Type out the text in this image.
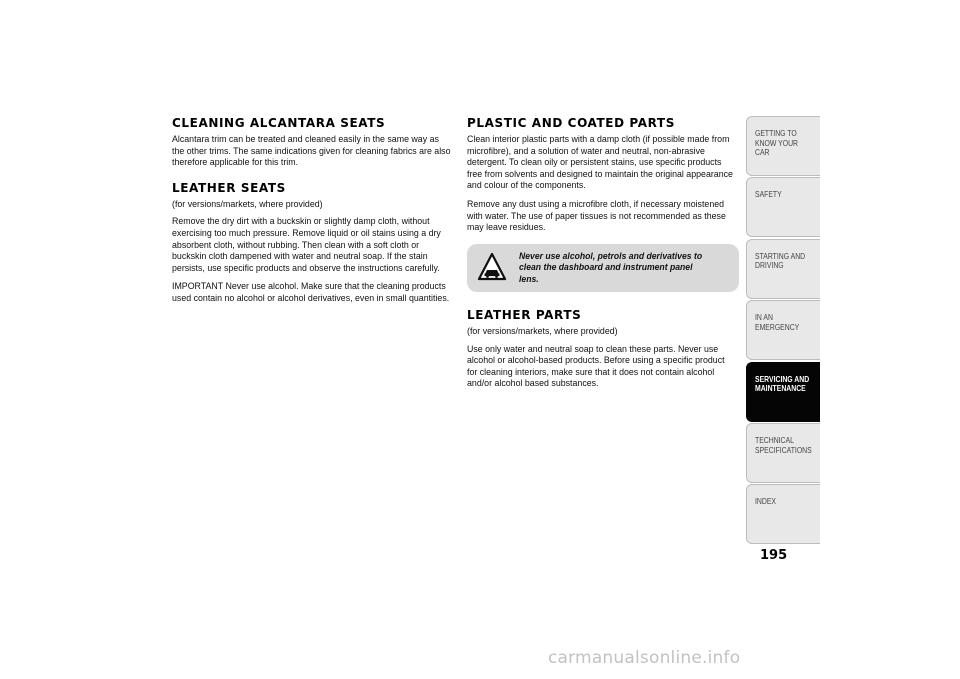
CLEANING ALCANTARA SEATS

Alcantara trim can be treated and cleaned easily in the same way as the other trims. The same indications given for cleaning fabrics are also therefore applicable for this trim.

LEATHER SEATS

(for versions/markets, where provided)

Remove the dry dirt with a buckskin or slightly damp cloth, without exercising too much pressure. Remove liquid or oil stains using a dry absorbent cloth, without rubbing. Then clean with a soft cloth or buckskin cloth dampened with water and neutral soap. If the stain persists, use specific products and observe the instructions carefully.

IMPORTANT Never use alcohol. Make sure that the cleaning products used contain no alcohol or alcohol derivatives, even in small quantities.

PLASTIC AND COATED PARTS

Clean interior plastic parts with a damp cloth (if possible made from microfibre), and a solution of water and neutral, non-abrasive detergent. To clean oily or persistent stains, use specific products free from solvents and designed to maintain the original appearance and colour of the components.

Remove any dust using a microfibre cloth, if necessary moistened with water. The use of paper tissues is not recommended as these may leave residues.

Never use alcohol, petrols and derivatives to clean the dashboard and instrument panel lens.
LEATHER PARTS

(for versions/markets, where provided)

Use only water and neutral soap to clean these parts. Never use alcohol or alcohol-based products. Before using a specific product for cleaning interiors, make sure that it does not contain alcohol and/or alcohol based substances.

GETTING TO KNOW YOUR CAR
SAFETY
STARTING AND DRIVING
IN AN EMERGENCY
SERVICING AND MAINTENANCE
TECHNICAL SPECIFICATIONS
INDEX
195
carmanualsonline.info
